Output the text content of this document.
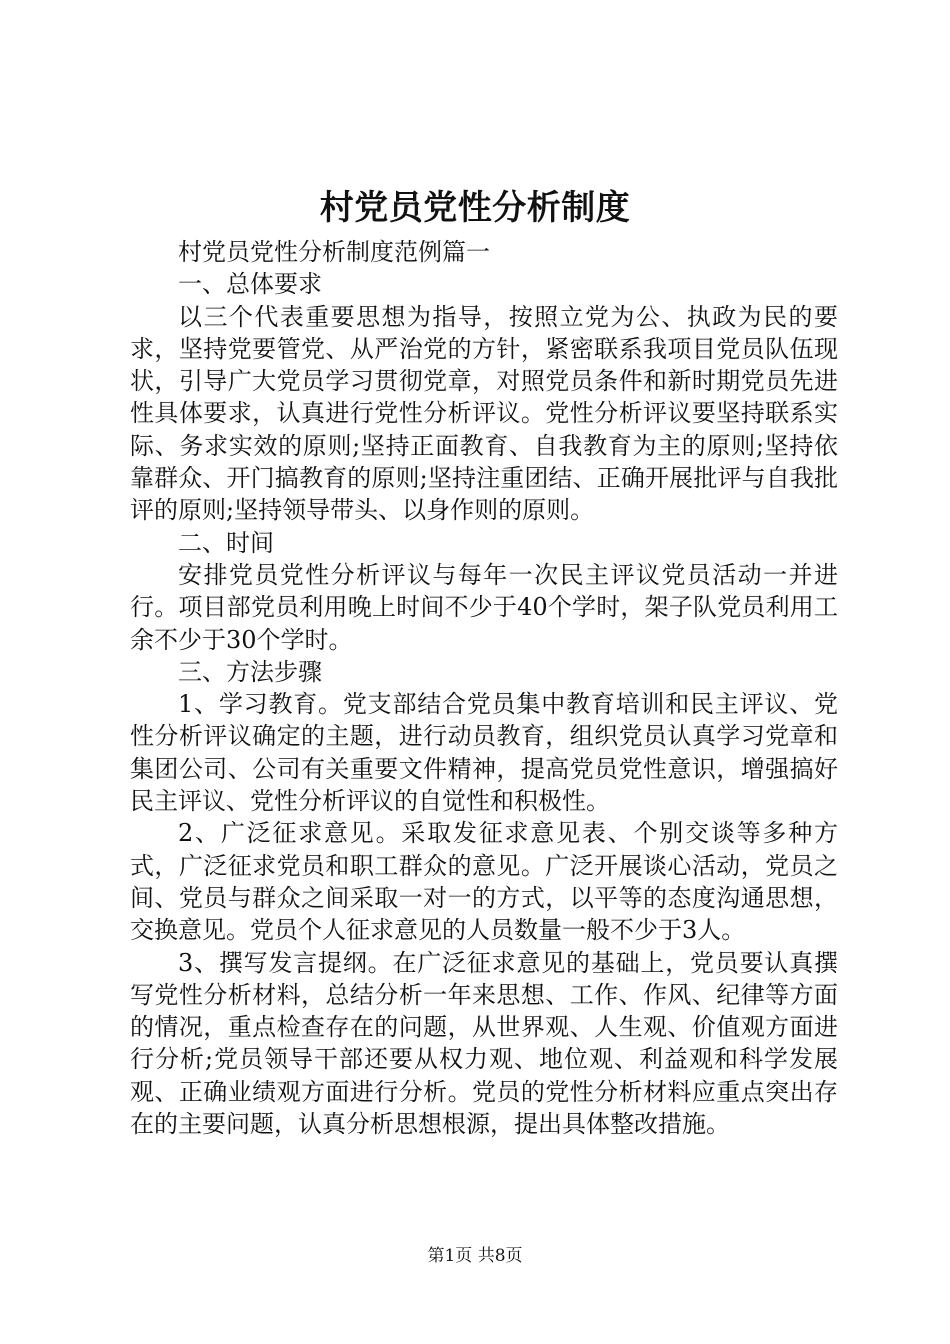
村党员党性分析制度

村党员党性分析制度范例篇一

一、总体要求

以三个代表重要思想为指导，按照立党为公、执政为民的要求，坚持党要管党、从严治党的方针，紧密联系我项目党员队伍现状，引导广大党员学习贯彻党章，对照党员条件和新时期党员先进性具体要求，认真进行党性分析评议。党性分析评议要坚持联系实际、务求实效的原则;坚持正面教育、自我教育为主的原则;坚持依靠群众、开门搞教育的原则;坚持注重团结、正确开展批评与自我批评的原则;坚持领导带头、以身作则的原则。

二、时间

安排党员党性分析评议与每年一次民主评议党员活动一并进行。项目部党员利用晚上时间不少于40个学时，架子队党员利用工余不少于30个学时。

三、方法步骤

1、学习教育。党支部结合党员集中教育培训和民主评议、党性分析评议确定的主题，进行动员教育，组织党员认真学习党章和集团公司、公司有关重要文件精神，提高党员党性意识，增强搞好民主评议、党性分析评议的自觉性和积极性。

2、广泛征求意见。采取发征求意见表、个别交谈等多种方式，广泛征求党员和职工群众的意见。广泛开展谈心活动，党员之间、党员与群众之间采取一对一的方式，以平等的态度沟通思想，交换意见。党员个人征求意见的人员数量一般不少于3人。

3、撰写发言提纲。在广泛征求意见的基础上，党员要认真撰写党性分析材料，总结分析一年来思想、工作、作风、纪律等方面的情况，重点检查存在的问题，从世界观、人生观、价值观方面进行分析;党员领导干部还要从权力观、地位观、利益观和科学发展观、正确业绩观方面进行分析。党员的党性分析材料应重点突出存在的主要问题，认真分析思想根源，提出具体整改措施。

第1页 共8页
